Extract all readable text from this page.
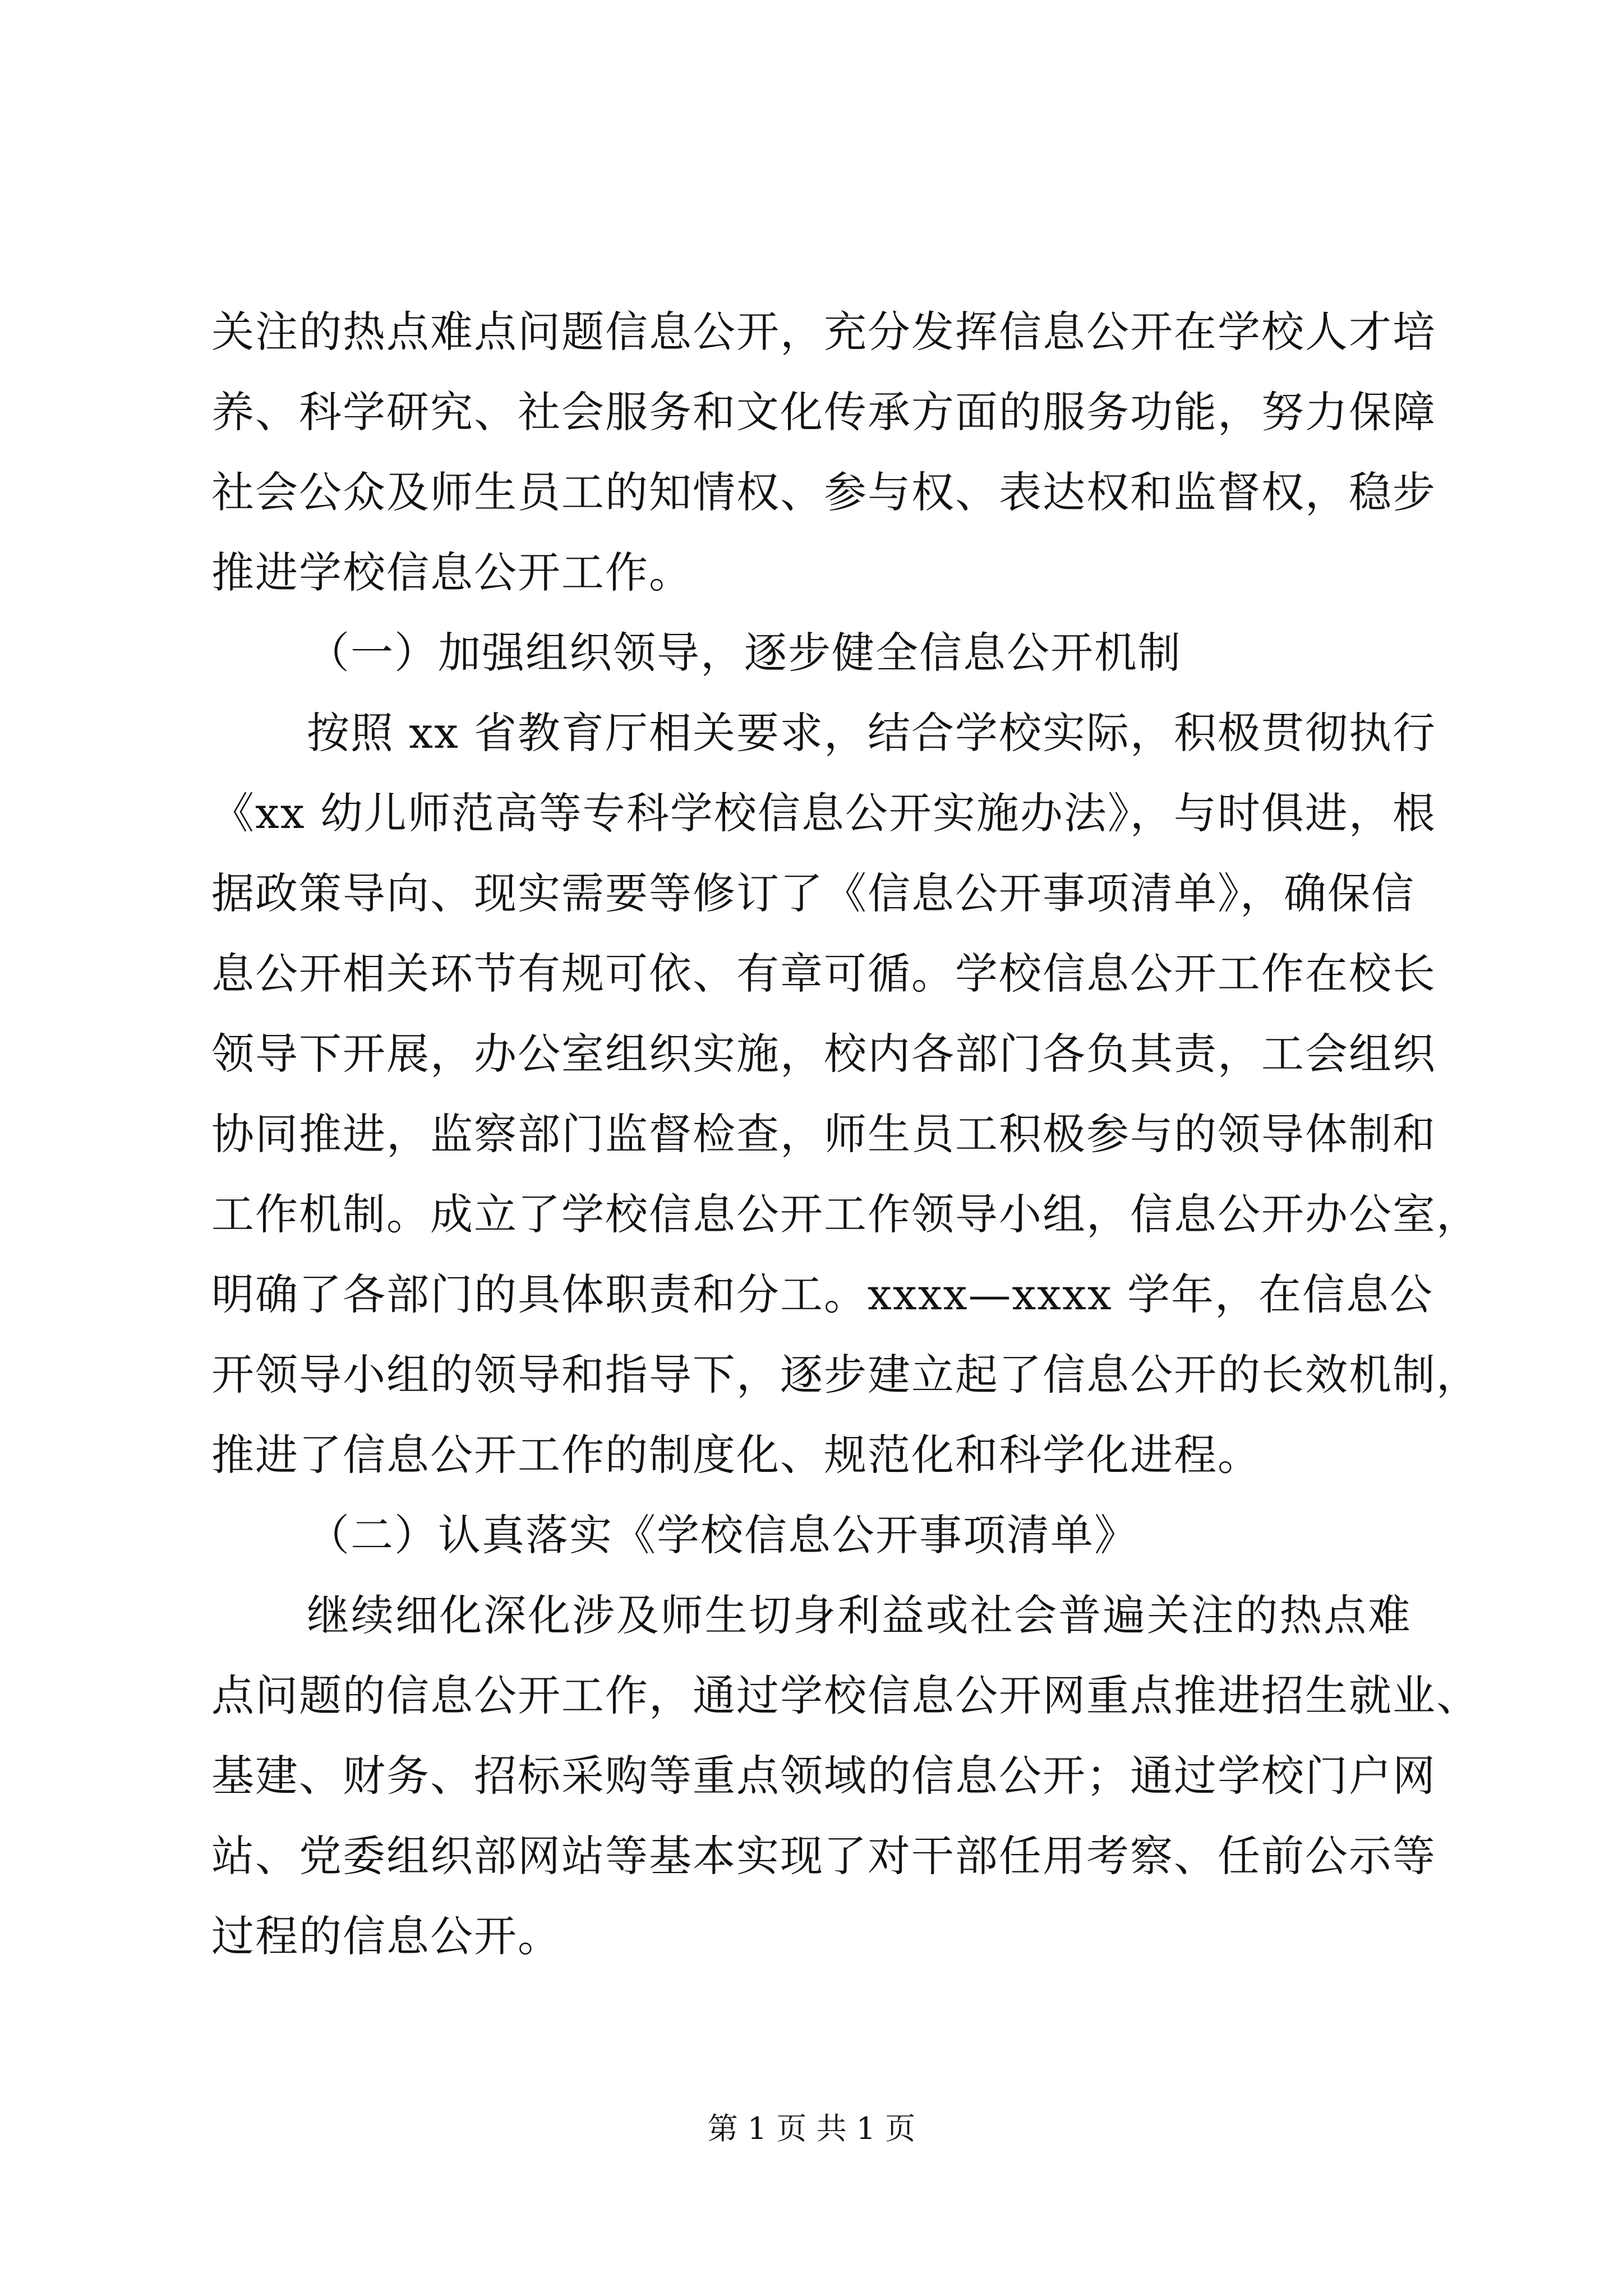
关注的热点难点问题信息公开，充分发挥信息公开在学校人才培
养、科学研究、社会服务和文化传承方面的服务功能，努力保障
社会公众及师生员工的知情权、参与权、表达权和监督权，稳步
推进学校信息公开工作。
（一）加强组织领导，逐步健全信息公开机制
按照 xx 省教育厅相关要求，结合学校实际，积极贯彻执行
《xx 幼儿师范高等专科学校信息公开实施办法》，与时俱进，根
据政策导向、现实需要等修订了《信息公开事项清单》，确保信
息公开相关环节有规可依、有章可循。学校信息公开工作在校长
领导下开展，办公室组织实施，校内各部门各负其责，工会组织
协同推进，监察部门监督检查，师生员工积极参与的领导体制和
工作机制。成立了学校信息公开工作领导小组，信息公开办公室，
明确了各部门的具体职责和分工。xxxx—xxxx 学年，在信息公
开领导小组的领导和指导下，逐步建立起了信息公开的长效机制，
推进了信息公开工作的制度化、规范化和科学化进程。
（二）认真落实《学校信息公开事项清单》
继续细化深化涉及师生切身利益或社会普遍关注的热点难
点问题的信息公开工作，通过学校信息公开网重点推进招生就业、
基建、财务、招标采购等重点领域的信息公开；通过学校门户网
站、党委组织部网站等基本实现了对干部任用考察、任前公示等
过程的信息公开。
第 1 页 共 1 页
